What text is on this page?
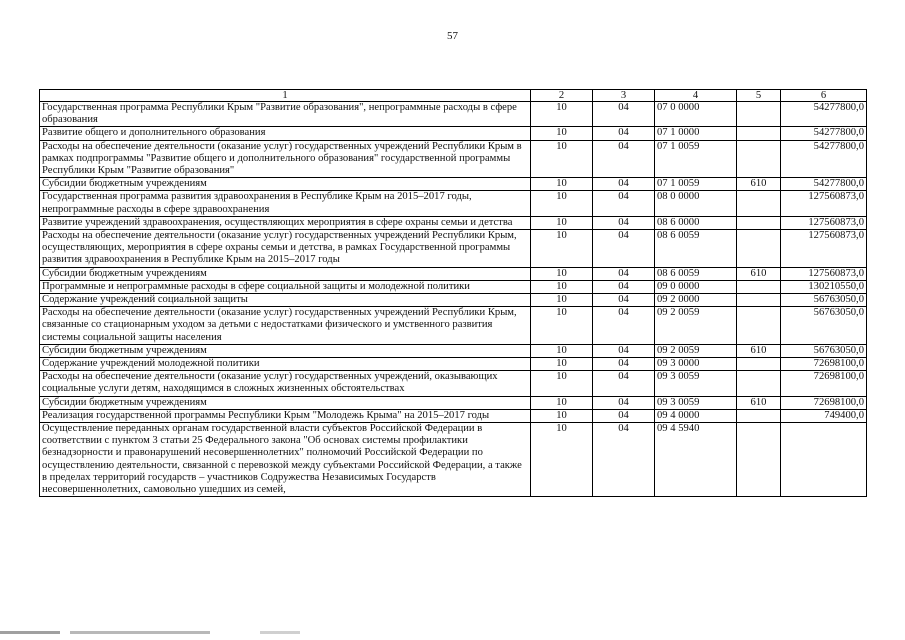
57
1	2	3	4	5	6
Государственная программа Республики Крым "Развитие образования", непрограммные расходы в сфере образования	10	04	07 0 0000		54277800,0
Развитие общего и дополнительного образования	10	04	07 1 0000		54277800,0
Расходы на обеспечение деятельности (оказание услуг) государственных учреждений Республики Крым в рамках подпрограммы "Развитие общего и дополнительного образования" государственной программы Республики Крым "Развитие образования"	10	04	07 1 0059		54277800,0
Субсидии бюджетным учреждениям	10	04	07 1 0059	610	54277800,0
Государственная программа развития здравоохранения в Республике Крым на 2015–2017 годы, непрограммные расходы в сфере здравоохранения	10	04	08 0 0000		127560873,0
Развитие учреждений здравоохранения, осуществляющих мероприятия в сфере охраны семьи и детства	10	04	08 6 0000		127560873,0
Расходы на обеспечение деятельности (оказание услуг) государственных учреждений Республики Крым, осуществляющих, мероприятия в сфере охраны семьи и детства, в рамках Государственной программы развития здравоохранения в Республике Крым на 2015–2017 годы	10	04	08 6 0059		127560873,0
Субсидии бюджетным учреждениям	10	04	08 6 0059	610	127560873,0
Программные и непрограммные расходы в сфере социальной защиты и молодежной политики	10	04	09 0 0000		130210550,0
Содержание учреждений социальной защиты	10	04	09 2 0000		56763050,0
Расходы на обеспечение деятельности (оказание услуг) государственных учреждений Республики Крым, связанные со стационарным уходом за детьми с недостатками физического и умственного развития системы социальной защиты населения	10	04	09 2 0059		56763050,0
Субсидии бюджетным учреждениям	10	04	09 2 0059	610	56763050,0
Содержание учреждений молодежной политики	10	04	09 3 0000		72698100,0
Расходы на обеспечение деятельности (оказание услуг) государственных учреждений, оказывающих социальные услуги детям, находящимся в сложных жизненных обстоятельствах	10	04	09 3 0059		72698100,0
Субсидии бюджетным учреждениям	10	04	09 3 0059	610	72698100,0
Реализация государственной программы Республики Крым "Молодежь Крыма" на 2015–2017 годы	10	04	09 4 0000		749400,0
Осуществление переданных органам государственной власти субъектов Российской Федерации в соответствии с пунктом 3 статьи 25 Федерального закона "Об основах системы профилактики безнадзорности и правонарушений несовершеннолетних" полномочий Российской Федерации по осуществлению деятельности, связанной с перевозкой между субъектами Российской Федерации, а также в пределах территорий государств – участников Содружества Независимых Государств несовершеннолетних, самовольно ушедших из семей,	10	04	09 4 5940		
